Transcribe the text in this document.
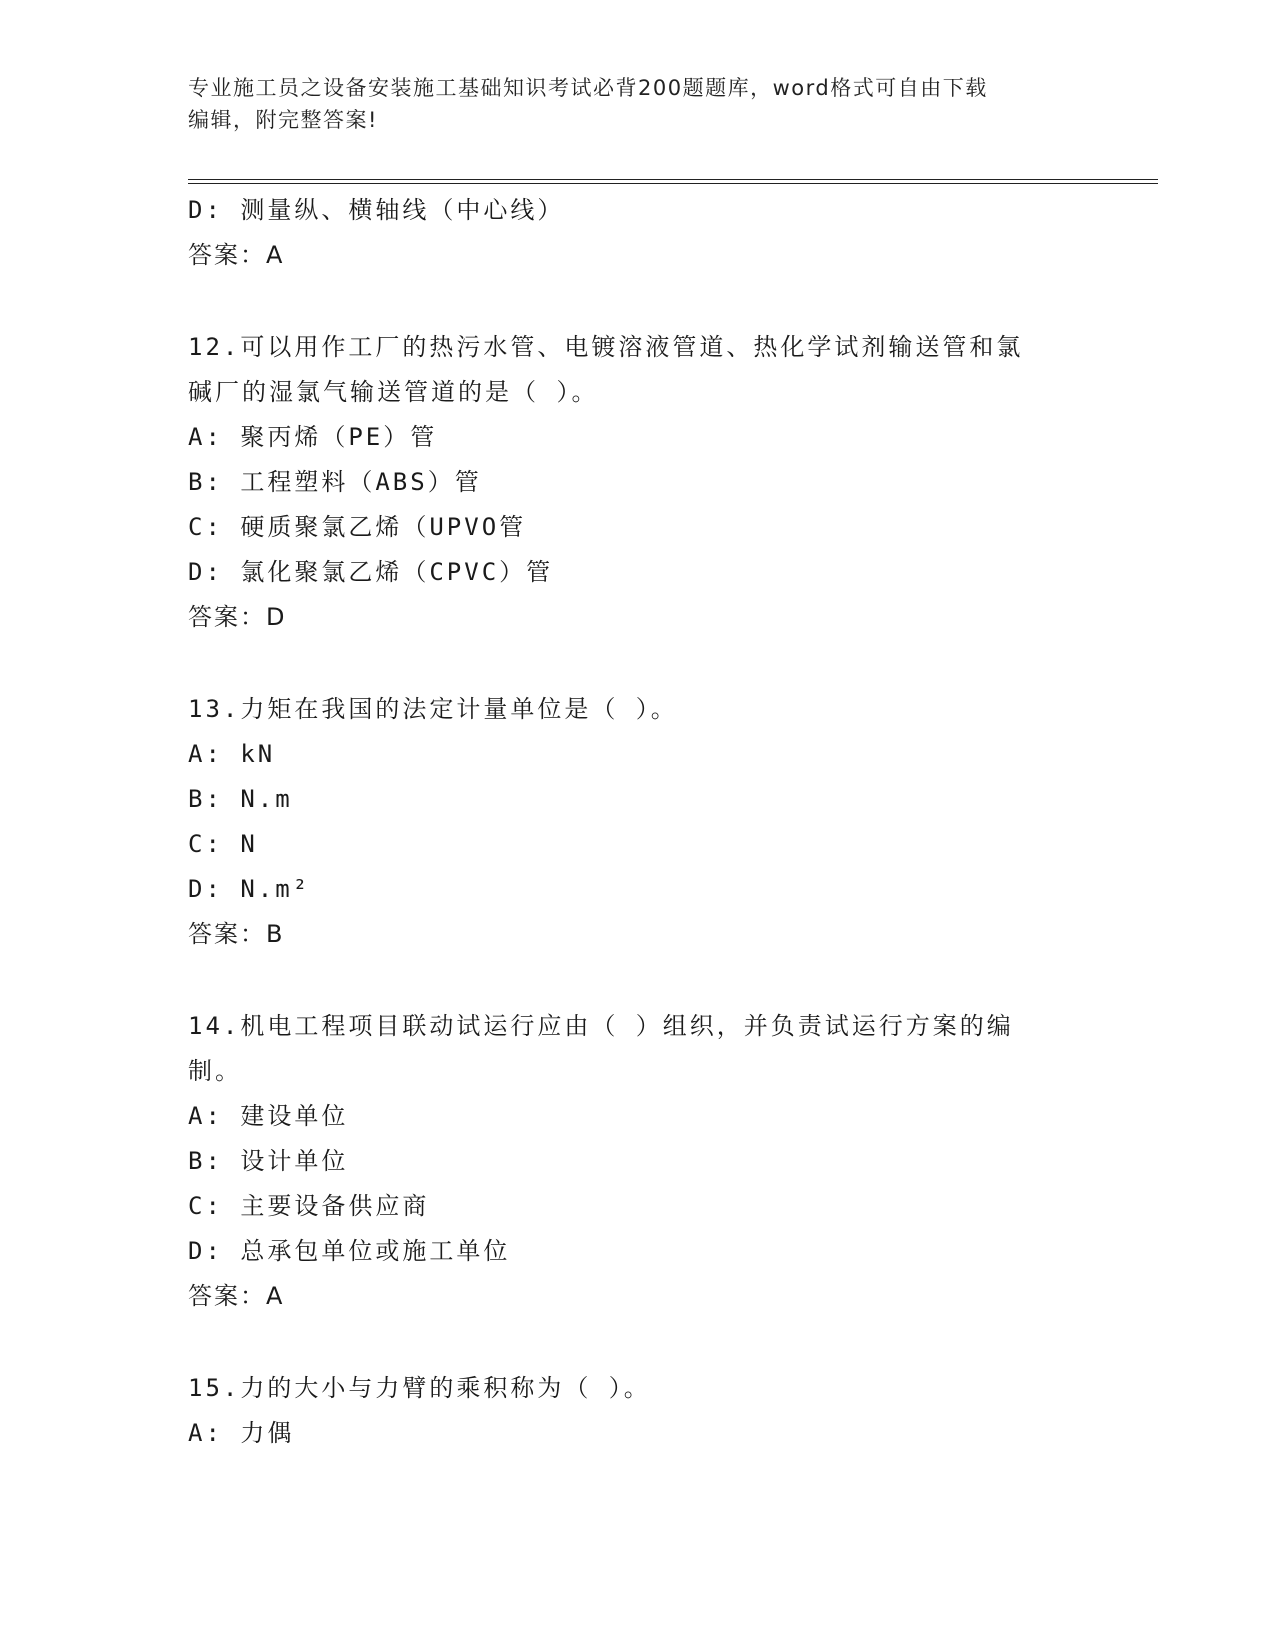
专业施工员之设备安装施工基础知识考试必背200题题库，word格式可自由下载
编辑，附完整答案!
D: 测量纵、横轴线（中心线）
答案：A
12.可以用作工厂的热污水管、电镀溶液管道、热化学试剂输送管和氯
碱厂的湿氯气输送管道的是（ ）。
A: 聚丙烯（PE）管
B: 工程塑料（ABS）管
C: 硬质聚氯乙烯（UPVO管
D: 氯化聚氯乙烯（CPVC）管
答案：D
13.力矩在我国的法定计量单位是（ ）。
A: kN
B: N.m
C: N
D: N.m²
答案：B
14.机电工程项目联动试运行应由（ ）组织，并负责试运行方案的编
制。
A: 建设单位
B: 设计单位
C: 主要设备供应商
D: 总承包单位或施工单位
答案：A
15.力的大小与力臂的乘积称为（ ）。
A: 力偶
